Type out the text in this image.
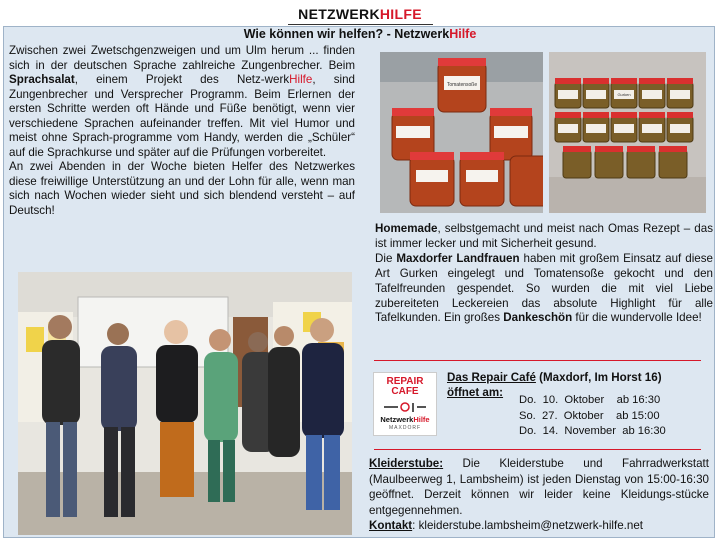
NETZWERKHILFE
Wie können wir helfen? - NetzwerkHilfe

Zwischen zwei Zwetschgenzweigen und um Ulm herum ... finden sich in der deutschen Sprache zahlreiche Zungenbrecher. Beim Sprachsalat, einem Projekt des Netz-werkHilfe, sind Zungenbrecher und Versprecher Programm. Beim Erlernen der ersten Schritte werden oft Hände und Füße benötigt, wenn vier verschiedene Sprachen aufeinander treffen. Mit viel Humor und meist ohne Sprach-programme vom Handy, werden die „Schüler“ auf die Sprachkurse und später auf die Prüfungen vorbereitet.

An zwei Abenden in der Woche bieten Helfer des Netzwerkes diese freiwillige Unterstützung an und der Lohn für alle, wenn man sich nach Wochen wieder sieht und sich blendend versteht – auf Deutsch!

Tomatensoße
Gurken

Homemade, selbstgemacht und meist nach Omas Rezept – das ist immer lecker und mit Sicherheit gesund.

Die Maxdorfer Landfrauen haben mit großem Einsatz auf diese Art Gurken eingelegt und Tomatensoße gekocht und den Tafelfreunden gespendet. So wurden die mit viel Liebe zubereiteten Leckereien das absolute Highlight für alle Tafelkunden. Ein großes Dankeschön für die wundervolle Idee!

REPAIR
CAFE
NetzwerkHilfe
MAXDORF
Das Repair Café (Maxdorf, Im Horst 16)
öffnet am:
Do.  10.  Oktober    ab 16:30
So.  27.  Oktober    ab 15:00
Do.  14.  November  ab 16:30

Kleiderstube: Die Kleiderstube und Fahrradwerkstatt (Maulbeerweg 1, Lambsheim) ist jeden Dienstag von 15:00-16:30 geöffnet. Derzeit können wir leider keine Kleidungs-stücke entgegennehmen.

Kontakt: kleiderstube.lambsheim@netzwerk-hilfe.net
